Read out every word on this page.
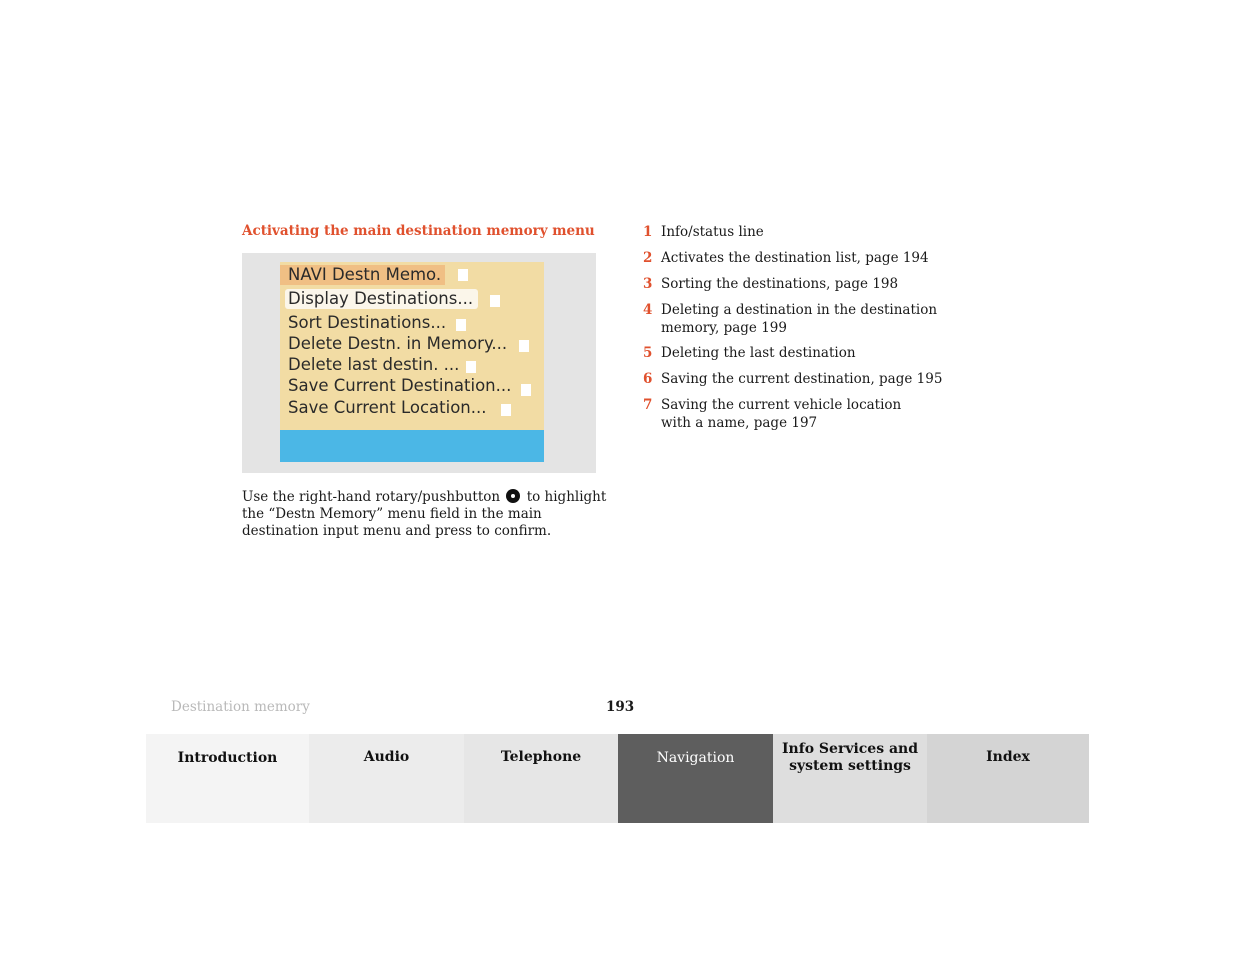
Activating the main destination memory menu
NAVI Destn Memo.
Display Destinations...
Sort Destinations...
Delete Destn. in Memory...
Delete last destin. ...
Save Current Destination...
Save Current Location...
Use the right-hand rotary/pushbutton to highlight the “Destn Memory” menu field in the main destination input menu and press to confirm.
1 Info/status line
2 Activates the destination list, page 194
3 Sorting the destinations, page 198
4 Deleting a destination in the destination memory, page 199
5 Deleting the last destination
6 Saving the current destination, page 195
7 Saving the current vehicle location with a name, page 197
Destination memory	193
Introduction	Audio	Telephone	Navigation
Info Services and system settings
Index
